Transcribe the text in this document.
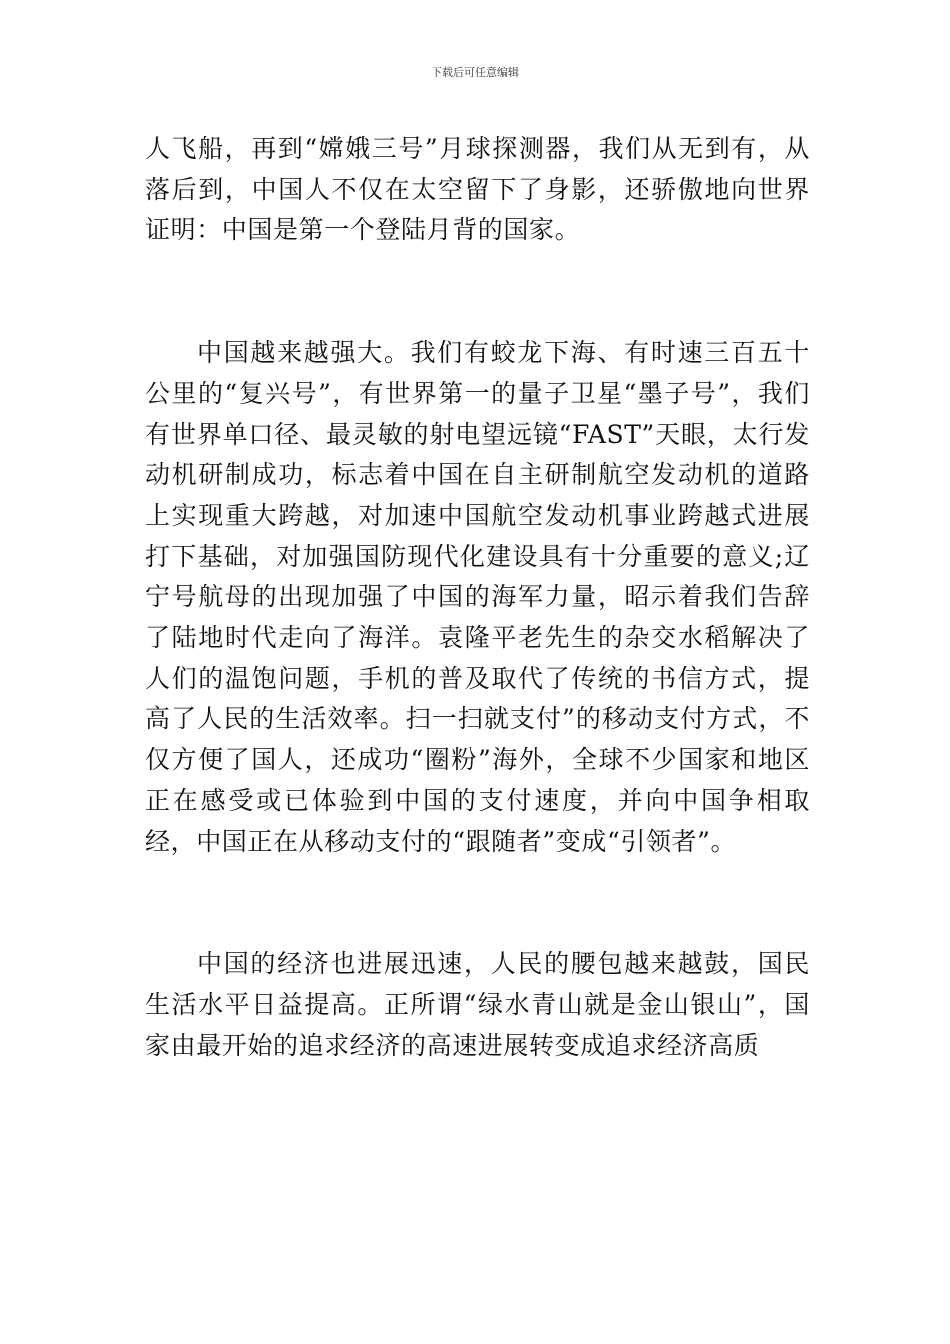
下载后可任意编辑

人飞船，再到“嫦娥三号”月球探测器，我们从无到有，从落后到，中国人不仅在太空留下了身影，还骄傲地向世界证明：中国是第一个登陆月背的国家。

中国越来越强大。我们有蛟龙下海、有时速三百五十公里的“复兴号”，有世界第一的量子卫星“墨子号”，我们有世界单口径、最灵敏的射电望远镜“FAST”天眼，太行发动机研制成功，标志着中国在自主研制航空发动机的道路上实现重大跨越，对加速中国航空发动机事业跨越式进展打下基础，对加强国防现代化建设具有十分重要的意义;辽宁号航母的出现加强了中国的海军力量，昭示着我们告辞了陆地时代走向了海洋。袁隆平老先生的杂交水稻解决了人们的温饱问题，手机的普及取代了传统的书信方式，提高了人民的生活效率。扫一扫就支付”的移动支付方式，不仅方便了国人，还成功“圈粉”海外，全球不少国家和地区正在感受或已体验到中国的支付速度，并向中国争相取经，中国正在从移动支付的“跟随者”变成“引领者”。

中国的经济也进展迅速，人民的腰包越来越鼓，国民生活水平日益提高。正所谓“绿水青山就是金山银山”，国家由最开始的追求经济的高速进展转变成追求经济高质
